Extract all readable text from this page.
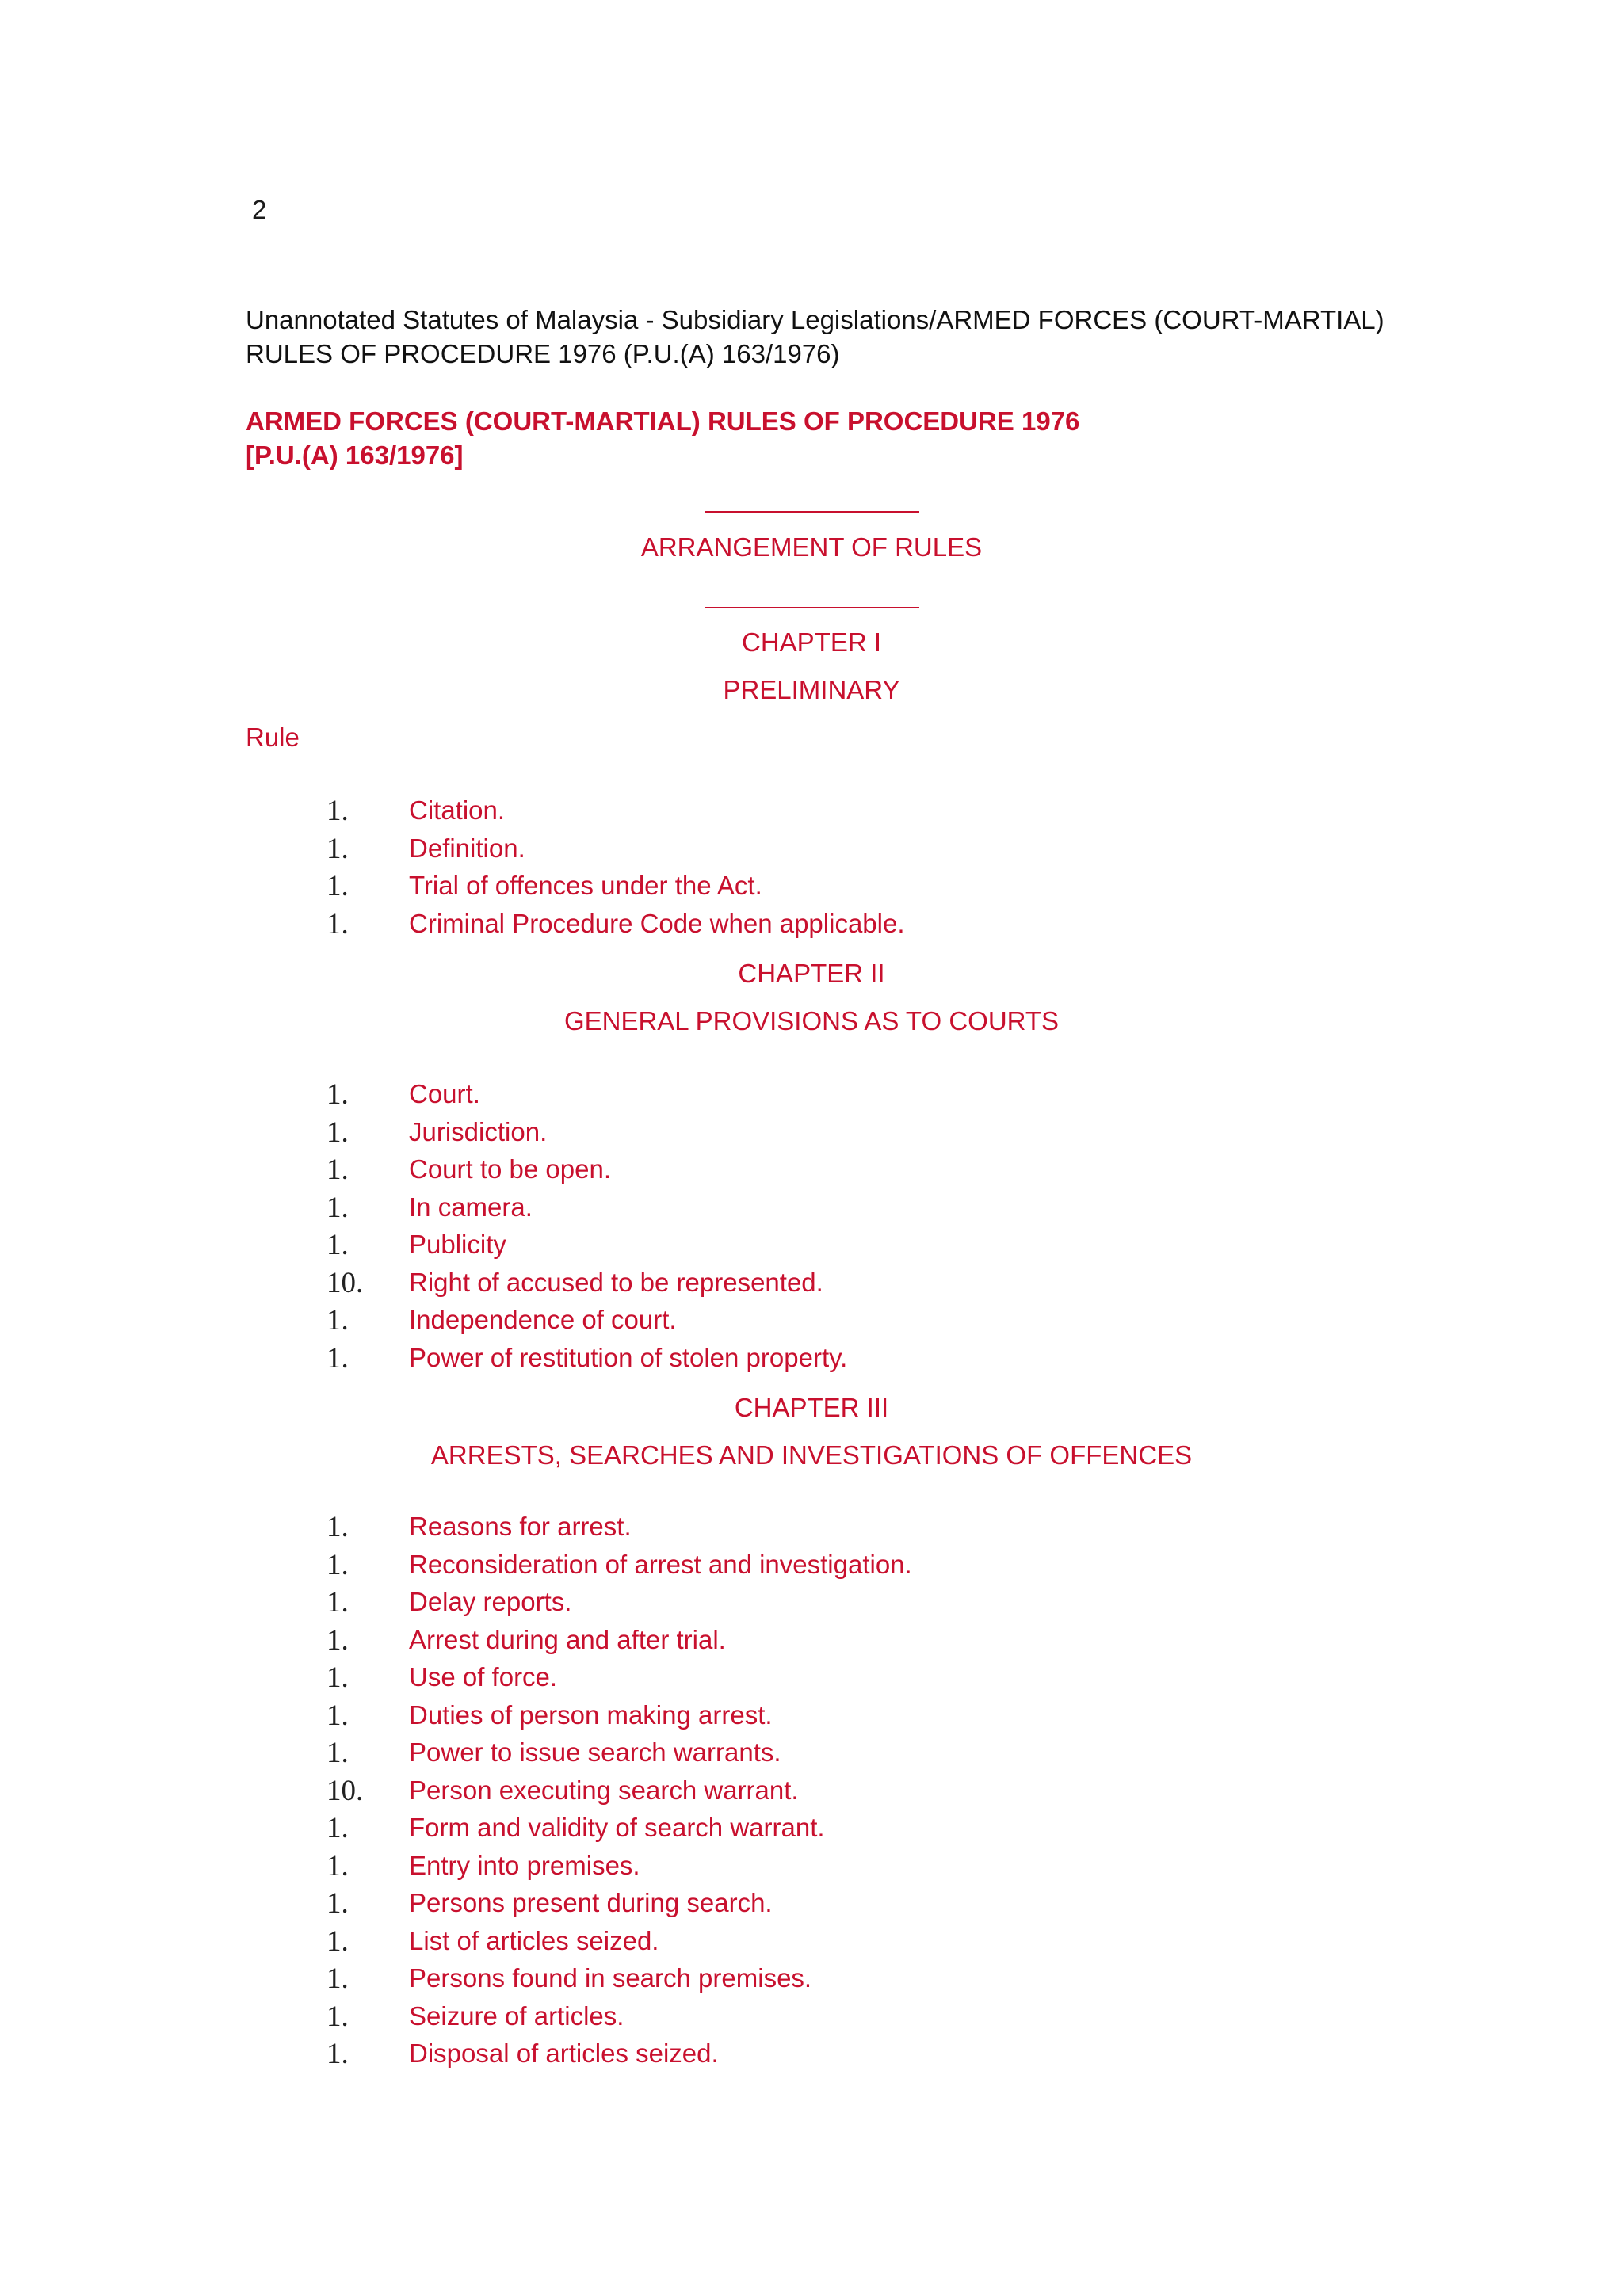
2
Unannotated Statutes of Malaysia - Subsidiary Legislations/ARMED FORCES (COURT-MARTIAL) RULES OF PROCEDURE 1976 (P.U.(A) 163/1976)
ARMED FORCES (COURT-MARTIAL) RULES OF PROCEDURE 1976
[P.U.(A) 163/1976]
ARRANGEMENT OF RULES
CHAPTER I
PRELIMINARY
Rule
1. Citation.
1. Definition.
1. Trial of offences under the Act.
1. Criminal Procedure Code when applicable.
CHAPTER II
GENERAL PROVISIONS AS TO COURTS
1. Court.
1. Jurisdiction.
1. Court to be open.
1. In camera.
1. Publicity
10. Right of accused to be represented.
1. Independence of court.
1. Power of restitution of stolen property.
CHAPTER III
ARRESTS, SEARCHES AND INVESTIGATIONS OF OFFENCES
1. Reasons for arrest.
1. Reconsideration of arrest and investigation.
1. Delay reports.
1. Arrest during and after trial.
1. Use of force.
1. Duties of person making arrest.
1. Power to issue search warrants.
10. Person executing search warrant.
1. Form and validity of search warrant.
1. Entry into premises.
1. Persons present during search.
1. List of articles seized.
1. Persons found in search premises.
1. Seizure of articles.
1. Disposal of articles seized.
